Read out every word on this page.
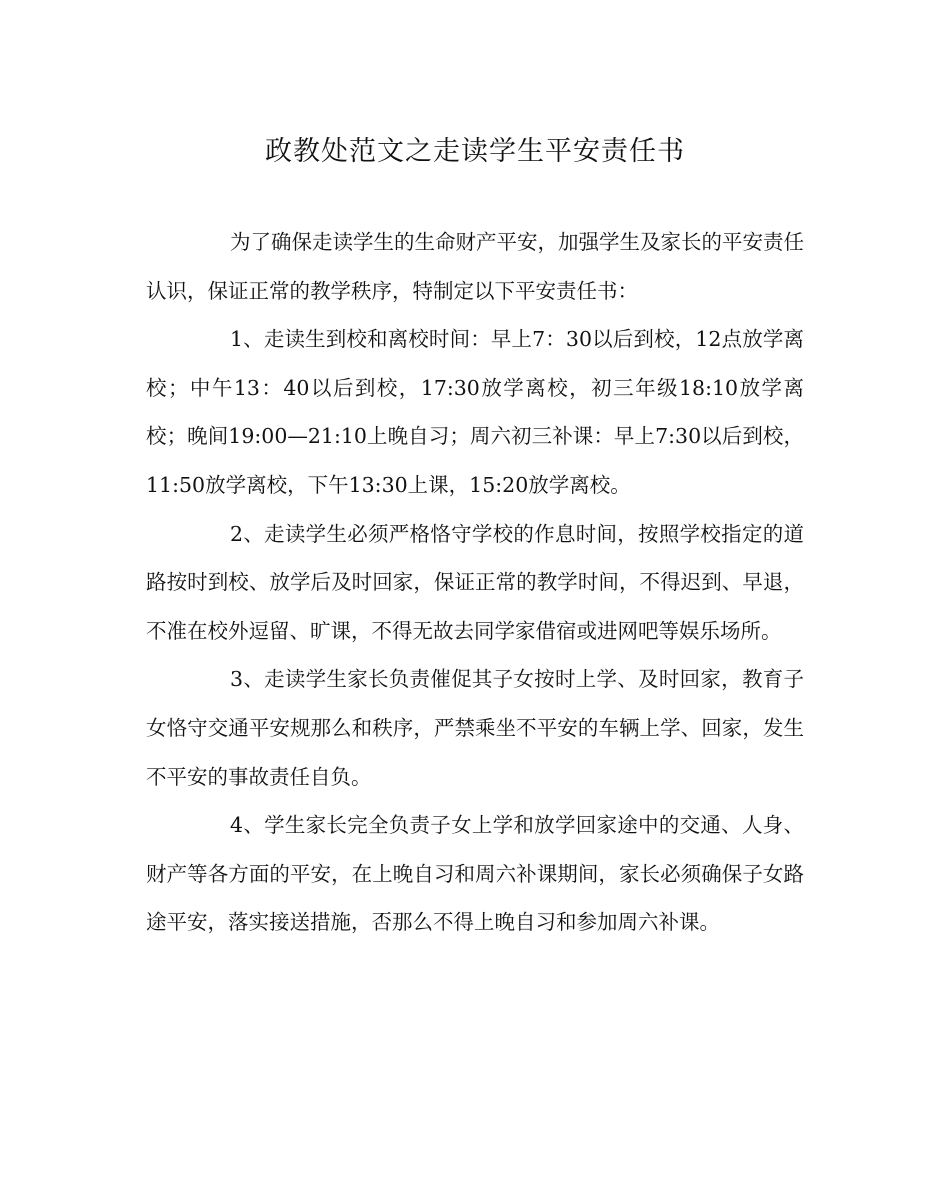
政教处范文之走读学生平安责任书

为了确保走读学生的生命财产平安，加强学生及家长的平安责任认识，保证正常的教学秩序，特制定以下平安责任书：

1、走读生到校和离校时间：早上7：30以后到校，12点放学离校；中午13：40以后到校，17:30放学离校，初三年级18:10放学离校；晚间19:00—21:10上晚自习；周六初三补课：早上7:30以后到校，11:50放学离校，下午13:30上课，15:20放学离校。

2、走读学生必须严格恪守学校的作息时间，按照学校指定的道路按时到校、放学后及时回家，保证正常的教学时间，不得迟到、早退，不准在校外逗留、旷课，不得无故去同学家借宿或进网吧等娱乐场所。

3、走读学生家长负责催促其子女按时上学、及时回家，教育子女恪守交通平安规那么和秩序，严禁乘坐不平安的车辆上学、回家，发生不平安的事故责任自负。

4、学生家长完全负责子女上学和放学回家途中的交通、人身、财产等各方面的平安，在上晚自习和周六补课期间，家长必须确保子女路途平安，落实接送措施，否那么不得上晚自习和参加周六补课。
